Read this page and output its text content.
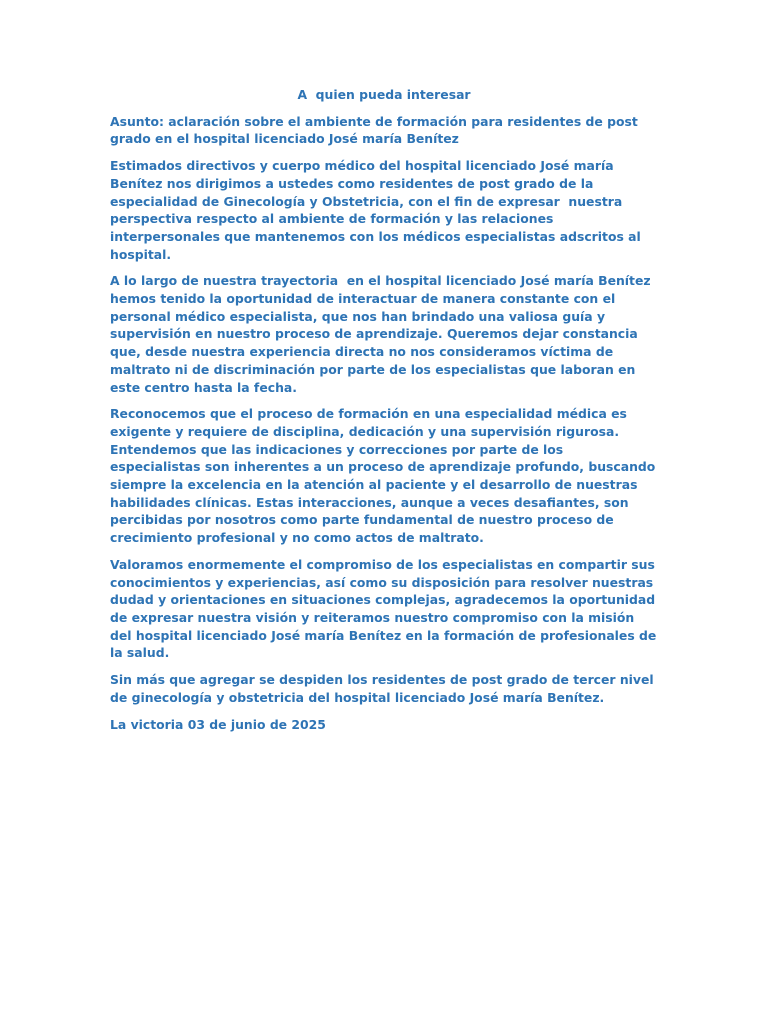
A  quien pueda interesar

Asunto: aclaración sobre el ambiente de formación para residentes de post grado en el hospital licenciado José maría Benítez

Estimados directivos y cuerpo médico del hospital licenciado José maría Benítez nos dirigimos a ustedes como residentes de post grado de la especialidad de Ginecología y Obstetricia, con el fin de expresar  nuestra perspectiva respecto al ambiente de formación y las relaciones interpersonales que mantenemos con los médicos especialistas adscritos al hospital.

A lo largo de nuestra trayectoria  en el hospital licenciado José maría Benítez hemos tenido la oportunidad de interactuar de manera constante con el personal médico especialista, que nos han brindado una valiosa guía y supervisión en nuestro proceso de aprendizaje. Queremos dejar constancia que, desde nuestra experiencia directa no nos consideramos víctima de maltrato ni de discriminación por parte de los especialistas que laboran en este centro hasta la fecha.

Reconocemos que el proceso de formación en una especialidad médica es exigente y requiere de disciplina, dedicación y una supervisión rigurosa. Entendemos que las indicaciones y correcciones por parte de los especialistas son inherentes a un proceso de aprendizaje profundo, buscando siempre la excelencia en la atención al paciente y el desarrollo de nuestras habilidades clínicas. Estas interacciones, aunque a veces desafiantes, son percibidas por nosotros como parte fundamental de nuestro proceso de crecimiento profesional y no como actos de maltrato.

Valoramos enormemente el compromiso de los especialistas en compartir sus conocimientos y experiencias, así como su disposición para resolver nuestras dudad y orientaciones en situaciones complejas, agradecemos la oportunidad de expresar nuestra visión y reiteramos nuestro compromiso con la misión  del hospital licenciado José maría Benítez en la formación de profesionales de la salud.

Sin más que agregar se despiden los residentes de post grado de tercer nivel de ginecología y obstetricia del hospital licenciado José maría Benítez.

La victoria 03 de junio de 2025
